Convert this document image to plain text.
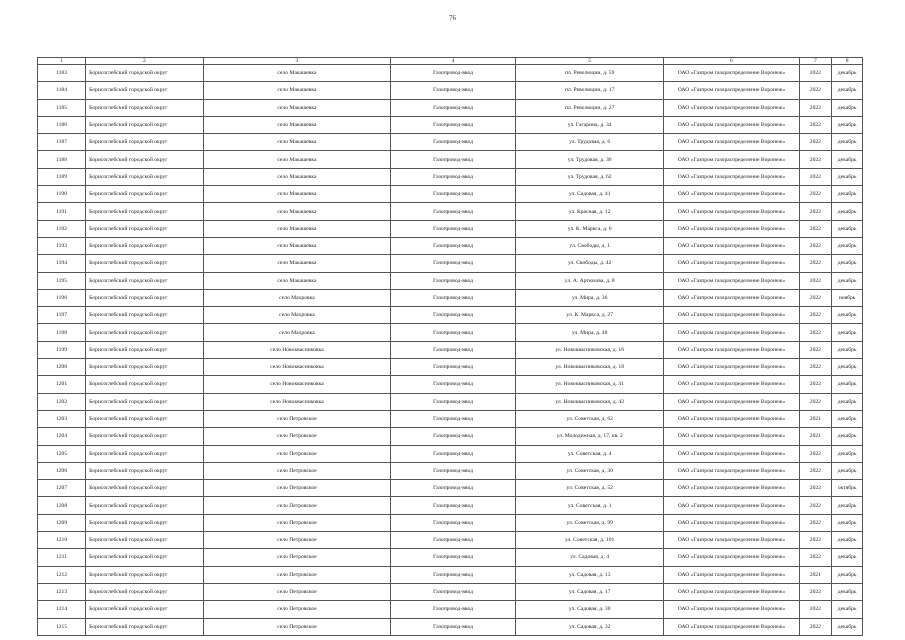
76
1	2	3	4	5	6	7	8
1183	Борисоглебский городской округ	село Макашевка	Газопровод-ввод	пл. Революции, д. 59	ОАО «Газпром газораспределение Воронеж»	2022	декабрь
1184	Борисоглебский городской округ	село Макашевка	Газопровод-ввод	пл. Революции, д. 17	ОАО «Газпром газораспределение Воронеж»	2022	декабрь
1185	Борисоглебский городской округ	село Макашевка	Газопровод-ввод	пл. Революции, д. 27	ОАО «Газпром газораспределение Воронеж»	2022	декабрь
1186	Борисоглебский городской округ	село Макашевка	Газопровод-ввод	ул. Гагарина, д. 34	ОАО «Газпром газораспределение Воронеж»	2022	декабрь
1187	Борисоглебский городской округ	село Макашевка	Газопровод-ввод	ул. Трудовая, д. 6	ОАО «Газпром газораспределение Воронеж»	2022	декабрь
1188	Борисоглебский городской округ	село Макашевка	Газопровод-ввод	ул. Трудовая, д. 36	ОАО «Газпром газораспределение Воронеж»	2022	декабрь
1189	Борисоглебский городской округ	село Макашевка	Газопровод-ввод	ул. Трудовая, д. 62	ОАО «Газпром газораспределение Воронеж»	2022	декабрь
1190	Борисоглебский городской округ	село Макашевка	Газопровод-ввод	ул. Садовая, д. 41	ОАО «Газпром газораспределение Воронеж»	2022	декабрь
1191	Борисоглебский городской округ	село Макашевка	Газопровод-ввод	ул. Красная, д. 12	ОАО «Газпром газораспределение Воронеж»	2022	декабрь
1192	Борисоглебский городской округ	село Макашевка	Газопровод-ввод	ул. К. Маркса, д. 6	ОАО «Газпром газораспределение Воронеж»	2022	декабрь
1193	Борисоглебский городской округ	село Макашевка	Газопровод-ввод	ул. Свободы, д. 1	ОАО «Газпром газораспределение Воронеж»	2022	декабрь
1194	Борисоглебский городской округ	село Макашевка	Газопровод-ввод	ул. Свободы, д. 42	ОАО «Газпром газораспределение Воронеж»	2022	декабрь
1195	Борисоглебский городской округ	село Макашевка	Газопровод-ввод	ул. А. Артюхова, д. 8	ОАО «Газпром газораспределение Воронеж»	2022	декабрь
1196	Борисоглебский городской округ	село Махровка	Газопровод-ввод	ул. Мира, д. 36	ОАО «Газпром газораспределение Воронеж»	2022	ноябрь
1197	Борисоглебский городской округ	село Махровка	Газопровод-ввод	ул. К. Маркса, д. 27	ОАО «Газпром газораспределение Воронеж»	2022	декабрь
1198	Борисоглебский городской округ	село Махровка	Газопровод-ввод	ул. Мира, д. 48	ОАО «Газпром газораспределение Воронеж»	2022	декабрь
1199	Борисоглебский городской округ	село Новоквасниковка	Газопровод-ввод	ул. Новоквасниковская, д. 16	ОАО «Газпром газораспределение Воронеж»	2022	декабрь
1200	Борисоглебский городской округ	село Новоквасниковка	Газопровод-ввод	ул. Новоквасниковская, д. 18	ОАО «Газпром газораспределение Воронеж»	2022	декабрь
1201	Борисоглебский городской округ	село Новоквасниковка	Газопровод-ввод	ул. Новоквасниковская, д. 41	ОАО «Газпром газораспределение Воронеж»	2022	декабрь
1202	Борисоглебский городской округ	село Новоквасниковка	Газопровод-ввод	ул. Новоквасниковская, д. 42	ОАО «Газпром газораспределение Воронеж»	2022	декабрь
1203	Борисоглебский городской округ	село Петровское	Газопровод-ввод	ул. Советская, д. 62	ОАО «Газпром газораспределение Воронеж»	2021	декабрь
1204	Борисоглебский городской округ	село Петровское	Газопровод-ввод	ул. Молодежная, д. 17, кв. 2	ОАО «Газпром газораспределение Воронеж»	2021	декабрь
1205	Борисоглебский городской округ	село Петровское	Газопровод-ввод	ул. Советская, д. 4	ОАО «Газпром газораспределение Воронеж»	2022	декабрь
1206	Борисоглебский городской округ	село Петровское	Газопровод-ввод	ул. Советская, д. 30	ОАО «Газпром газораспределение Воронеж»	2022	декабрь
1207	Борисоглебский городской округ	село Петровское	Газопровод-ввод	ул. Советская, д. 52	ОАО «Газпром газораспределение Воронеж»	2022	октябрь
1208	Борисоглебский городской округ	село Петровское	Газопровод-ввод	ул. Советская, д. 1	ОАО «Газпром газораспределение Воронеж»	2022	декабрь
1209	Борисоглебский городской округ	село Петровское	Газопровод-ввод	ул. Советская, д. 99	ОАО «Газпром газораспределение Воронеж»	2022	декабрь
1210	Борисоглебский городской округ	село Петровское	Газопровод-ввод	ул. Советская, д. 101	ОАО «Газпром газораспределение Воронеж»	2022	декабрь
1211	Борисоглебский городской округ	село Петровское	Газопровод-ввод	ул. Садовая, д. 4	ОАО «Газпром газораспределение Воронеж»	2022	декабрь
1212	Борисоглебский городской округ	село Петровское	Газопровод-ввод	ул. Садовая, д. 13	ОАО «Газпром газораспределение Воронеж»	2021	декабрь
1213	Борисоглебский городской округ	село Петровское	Газопровод-ввод	ул. Садовая, д. 17	ОАО «Газпром газораспределение Воронеж»	2022	декабрь
1214	Борисоглебский городской округ	село Петровское	Газопровод-ввод	ул. Садовая, д. 30	ОАО «Газпром газораспределение Воронеж»	2022	декабрь
1215	Борисоглебский городской округ	село Петровское	Газопровод-ввод	ул. Садовая, д. 32	ОАО «Газпром газораспределение Воронеж»	2022	декабрь
